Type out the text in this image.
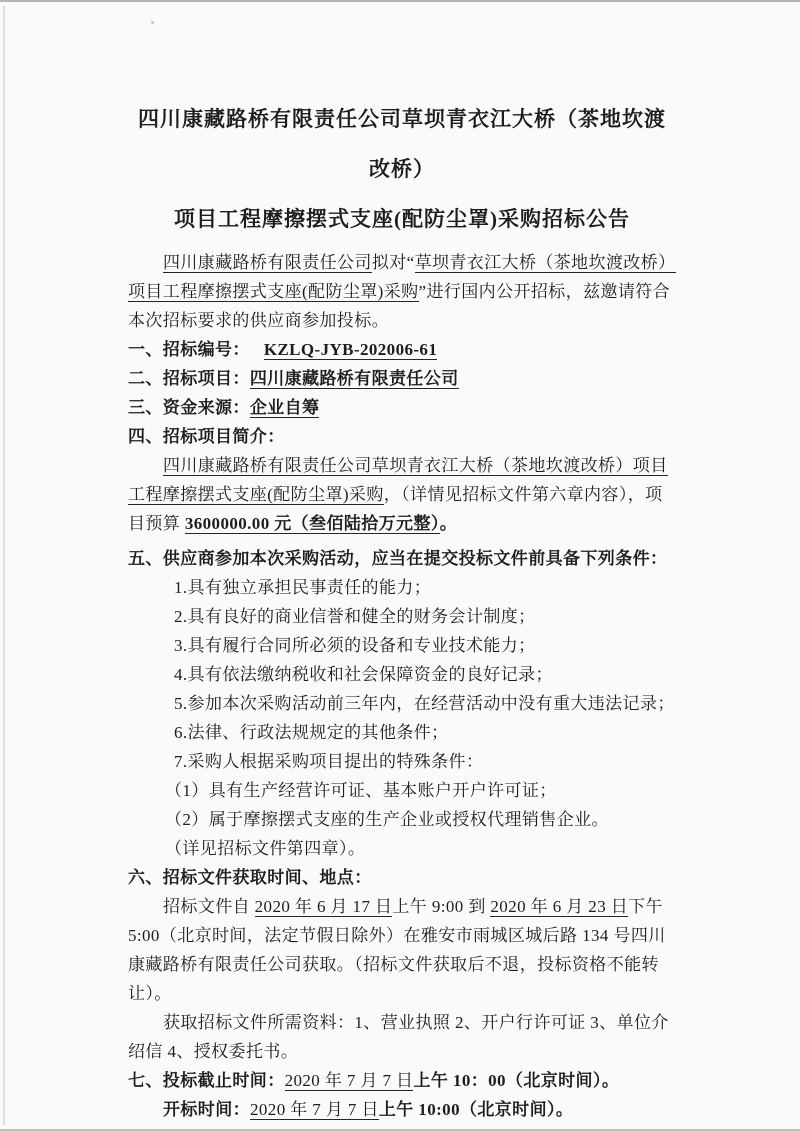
四川康藏路桥有限责任公司草坝青衣江大桥（茶地坎渡改桥）
项目工程摩擦摆式支座(配防尘罩)采购招标公告

四川康藏路桥有限责任公司拟对“草坝青衣江大桥（茶地坎渡改桥）项目工程摩擦摆式支座(配防尘罩)采购”进行国内公开招标，兹邀请符合本次招标要求的供应商参加投标。

一、招标编号： KZLQ-JYB-202006-61

二、招标项目：四川康藏路桥有限责任公司

三、资金来源：企业自筹

四、招标项目简介：

四川康藏路桥有限责任公司草坝青衣江大桥（茶地坎渡改桥）项目工程摩擦摆式支座(配防尘罩)采购，（详情见招标文件第六章内容），项目预算 3600000.00 元（叁佰陆拾万元整）。

五、供应商参加本次采购活动，应当在提交投标文件前具备下列条件：

1.具有独立承担民事责任的能力；

2.具有良好的商业信誉和健全的财务会计制度；

3.具有履行合同所必须的设备和专业技术能力；

4.具有依法缴纳税收和社会保障资金的良好记录；

5.参加本次采购活动前三年内，在经营活动中没有重大违法记录；

6.法律、行政法规规定的其他条件；

7.采购人根据采购项目提出的特殊条件：

（1）具有生产经营许可证、基本账户开户许可证；

（2）属于摩擦摆式支座的生产企业或授权代理销售企业。

（详见招标文件第四章）。

六、招标文件获取时间、地点：

招标文件自 2020 年 6 月 17 日上午 9:00 到 2020 年 6 月 23 日下午 5:00（北京时间，法定节假日除外）在雅安市雨城区城后路 134 号四川康藏路桥有限责任公司获取。（招标文件获取后不退，投标资格不能转让）。

获取招标文件所需资料：1、营业执照 2、开户行许可证 3、单位介绍信 4、授权委托书。

七、投标截止时间：2020 年 7 月 7 日上午 10：00（北京时间）。

开标时间：2020 年 7 月 7 日上午 10:00（北京时间）。
